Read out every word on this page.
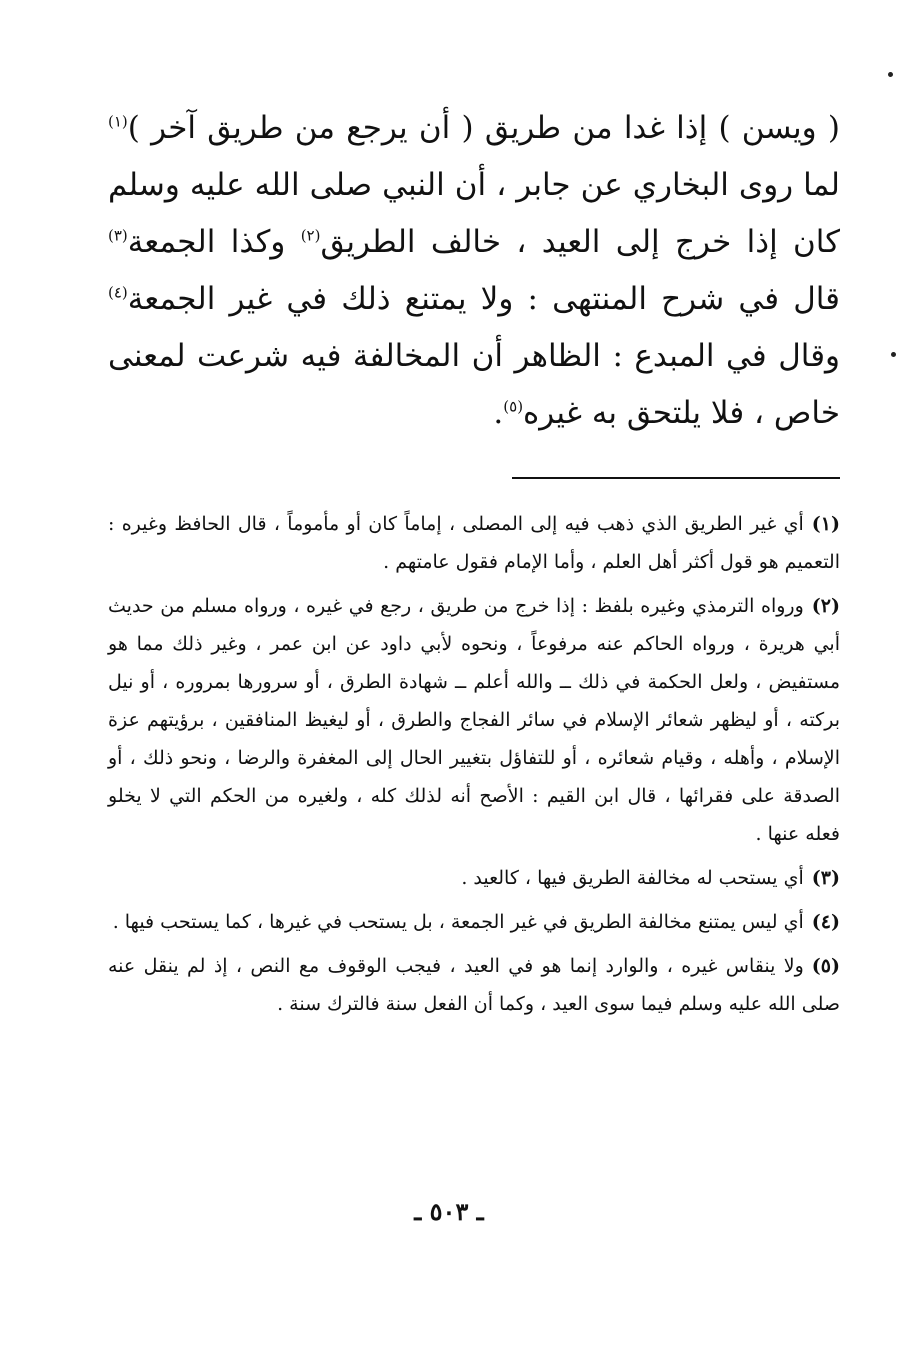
( ويسن ) إذا غدا من طريق ( أن يرجع من طريق آخر )$^{(١)}$ لما روى البخاري عن جابر ، أن النبي صلى الله عليه وسلم كان إذا خرج إلى العيد ، خالف الطريق$^{(٢)}$ وكذا الجمعة$^{(٣)}$ قال في شرح المنتهى : ولا يمتنع ذلك في غير الجمعة$^{(٤)}$ وقال في المبدع : الظاهر أن المخالفة فيه شرعت لمعنى خاص ، فلا يلتحق به غيره$^{(٥)}$.

(١)أي غير الطريق الذي ذهب فيه إلى المصلى ، إماماً كان أو مأموماً ، قال الحافظ وغيره : التعميم هو قول أكثر أهل العلم ، وأما الإمام فقول عامتهم .

(٢)ورواه الترمذي وغيره بلفظ : إذا خرج من طريق ، رجع في غيره ، ورواه مسلم من حديث أبي هريرة ، ورواه الحاكم عنه مرفوعاً ، ونحوه لأبي داود عن ابن عمر ، وغير ذلك مما هو مستفيض ، ولعل الحكمة في ذلك ــ والله أعلم ــ شهادة الطرق ، أو سرورها بمروره ، أو نيل بركته ، أو ليظهر شعائر الإسلام في سائر الفجاج والطرق ، أو ليغيظ المنافقين ، برؤيتهم عزة الإسلام ، وأهله ، وقيام شعائره ، أو للتفاؤل بتغيير الحال إلى المغفرة والرضا ، ونحو ذلك ، أو الصدقة على فقرائها ، قال ابن القيم : الأصح أنه لذلك كله ، ولغيره من الحكم التي لا يخلو فعله عنها .

(٣)أي يستحب له مخالفة الطريق فيها ، كالعيد .

(٤)أي ليس يمتنع مخالفة الطريق في غير الجمعة ، بل يستحب في غيرها ، كما يستحب فيها .

(٥)ولا ينقاس غيره ، والوارد إنما هو في العيد ، فيجب الوقوف مع النص ، إذ لم ينقل عنه صلى الله عليه وسلم فيما سوى العيد ، وكما أن الفعل سنة فالترك سنة .

ـ ٥٠٣ ـ
